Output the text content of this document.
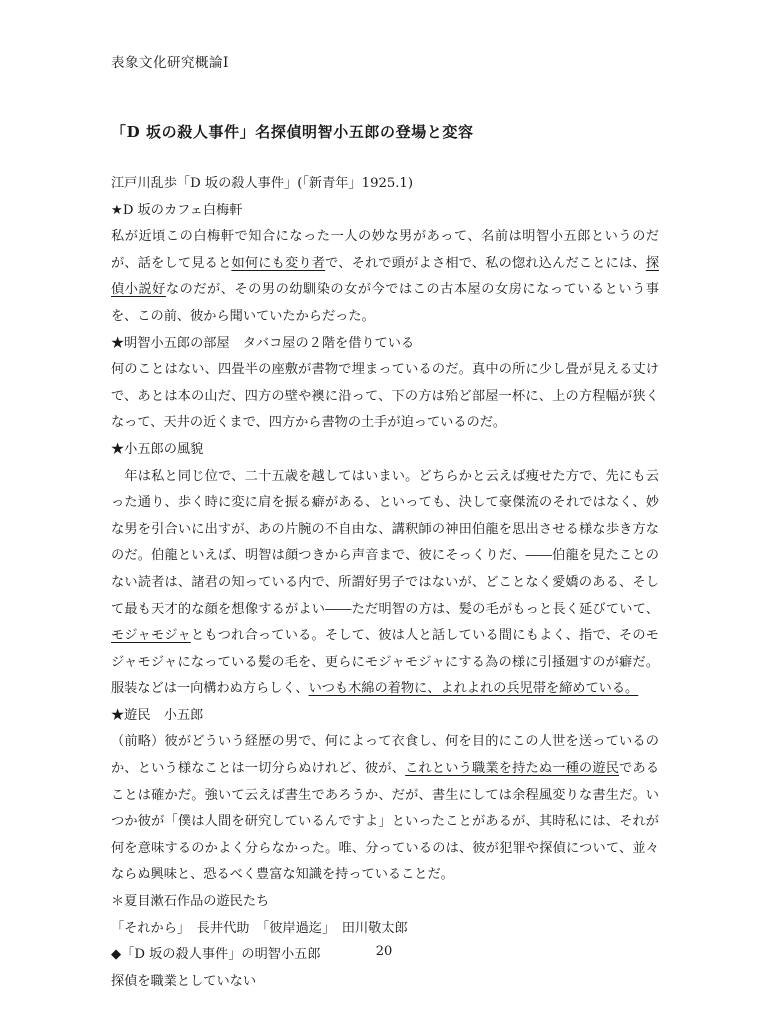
表象文化研究概論Ⅰ
「D 坂の殺人事件」名探偵明智小五郎の登場と変容
江戸川乱歩「D 坂の殺人事件」(「新青年」1925.1)
★D 坂のカフェ白梅軒
私が近頃この白梅軒で知合になった一人の妙な男があって、名前は明智小五郎というのだ
が、話をして見ると如何にも変り者で、それで頭がよさ相で、私の惚れ込んだことには、探
偵小説好なのだが、その男の幼馴染の女が今ではこの古本屋の女房になっているという事
を、この前、彼から聞いていたからだった。
★明智小五郎の部屋　タバコ屋の２階を借りている
何のことはない、四畳半の座敷が書物で埋まっているのだ。真中の所に少し畳が見える丈け
で、あとは本の山だ、四方の壁や襖に沿って、下の方は殆ど部屋一杯に、上の方程幅が狭く
なって、天井の近くまで、四方から書物の土手が迫っているのだ。
★小五郎の風貌
　年は私と同じ位で、二十五歳を越してはいまい。どちらかと云えば痩せた方で、先にも云
った通り、歩く時に変に肩を振る癖がある、といっても、決して豪傑流のそれではなく、妙
な男を引合いに出すが、あの片腕の不自由な、講釈師の神田伯龍を思出させる様な歩き方な
のだ。伯龍といえば、明智は顔つきから声音まで、彼にそっくりだ、――伯龍を見たことの
ない読者は、諸君の知っている内で、所謂好男子ではないが、どことなく愛嬌のある、そし
て最も天才的な顔を想像するがよい――ただ明智の方は、髪の毛がもっと長く延びていて、
モジャモジャともつれ合っている。そして、彼は人と話している間にもよく、指で、そのモ
ジャモジャになっている髪の毛を、更らにモジャモジャにする為の様に引掻廻すのが癖だ。
服装などは一向構わぬ方らしく、いつも木綿の着物に、よれよれの兵児帯を締めている。
★遊民　小五郎
（前略）彼がどういう経歴の男で、何によって衣食し、何を目的にこの人世を送っているの
か、という様なことは一切分らぬけれど、彼が、これという職業を持たぬ一種の遊民である
ことは確かだ。強いて云えば書生であろうか、だが、書生にしては余程風変りな書生だ。い
つか彼が「僕は人間を研究しているんですよ」といったことがあるが、其時私には、それが
何を意味するのかよく分らなかった。唯、分っているのは、彼が犯罪や探偵について、並々
ならぬ興味と、恐るべく豊富な知識を持っていることだ。
＊夏目漱石作品の遊民たち
「それから」　長井代助　「彼岸過迄」　田川敬太郎
◆「D 坂の殺人事件」の明智小五郎
探偵を職業としていない
20
